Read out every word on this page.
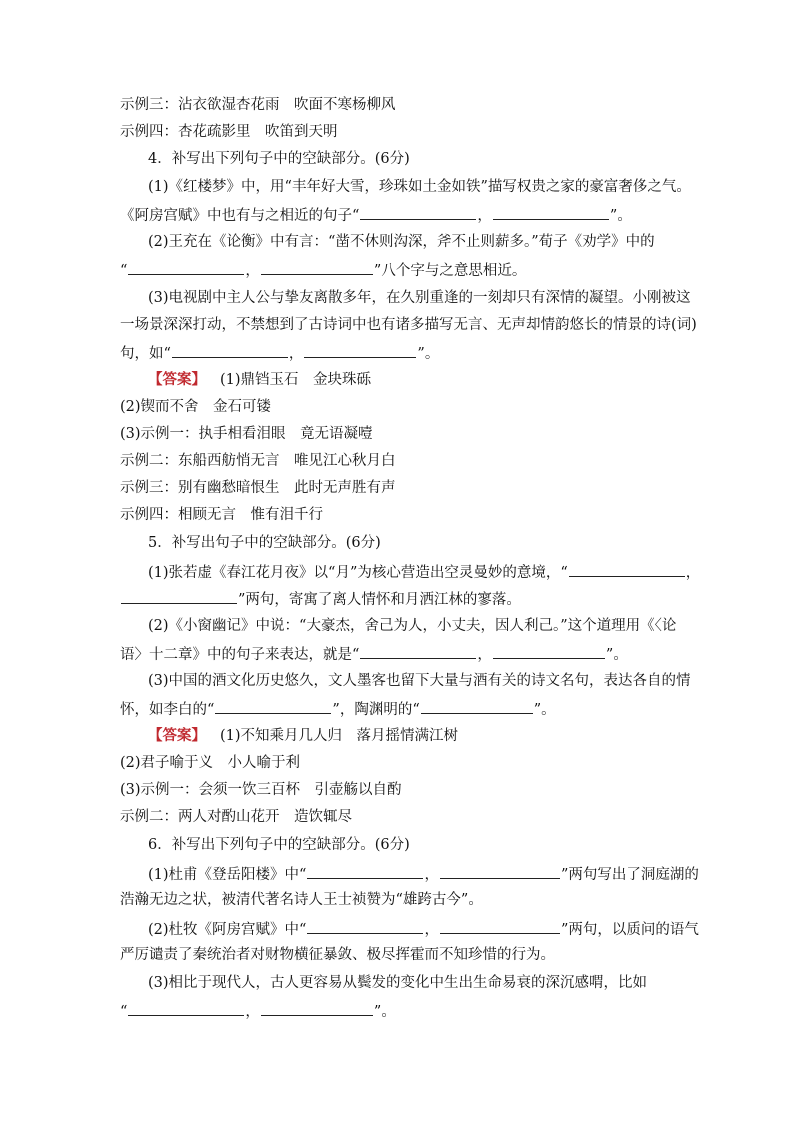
示例三：沾衣欲湿杏花雨　吹面不寒杨柳风
示例四：杏花疏影里　吹笛到天明
4．补写出下列句子中的空缺部分。(6分)
(1)《红楼梦》中，用“丰年好大雪，珍珠如土金如铁”描写权贵之家的豪富奢侈之气。
《阿房宫赋》中也有与之相近的句子“	，	”。
(2)王充在《论衡》中有言：“凿不休则沟深，斧不止则薪多。”荀子《劝学》中的
“	，	”八个字与之意思相近。
(3)电视剧中主人公与挚友离散多年，在久别重逢的一刻却只有深情的凝望。小刚被这
一场景深深打动，不禁想到了古诗词中也有诸多描写无言、无声却情韵悠长的情景的诗(词)
句，如“	，	”。
【答案】 (1)鼎铛玉石　金块珠砾
(2)锲而不舍　金石可镂
(3)示例一：执手相看泪眼　竟无语凝噎
示例二：东船西舫悄无言　唯见江心秋月白
示例三：别有幽愁暗恨生　此时无声胜有声
示例四：相顾无言　惟有泪千行
5．补写出句子中的空缺部分。(6分)
(1)张若虚《春江花月夜》以“月”为核心营造出空灵曼妙的意境，“	，
”两句，寄寓了离人情怀和月洒江林的寥落。
(2)《小窗幽记》中说：“大豪杰，舍己为人，小丈夫，因人利己。”这个道理用《〈论
语〉十二章》中的句子来表达，就是“	，	”。
(3)中国的酒文化历史悠久，文人墨客也留下大量与酒有关的诗文名句，表达各自的情
怀，如李白的“	”，陶渊明的“	”。
【答案】 (1)不知乘月几人归　落月摇情满江树
(2)君子喻于义　小人喻于利
(3)示例一：会须一饮三百杯　引壶觞以自酌
示例二：两人对酌山花开　造饮辄尽
6．补写出下列句子中的空缺部分。(6分)
(1)杜甫《登岳阳楼》中“	，	”两句写出了洞庭湖的
浩瀚无边之状，被清代著名诗人王士祯赞为“雄跨古今”。
(2)杜牧《阿房宫赋》中“	，	”两句，以质问的语气
严厉谴责了秦统治者对财物横征暴敛、极尽挥霍而不知珍惜的行为。
(3)相比于现代人，古人更容易从鬓发的变化中生出生命易衰的深沉感喟，比如
“	，	”。
